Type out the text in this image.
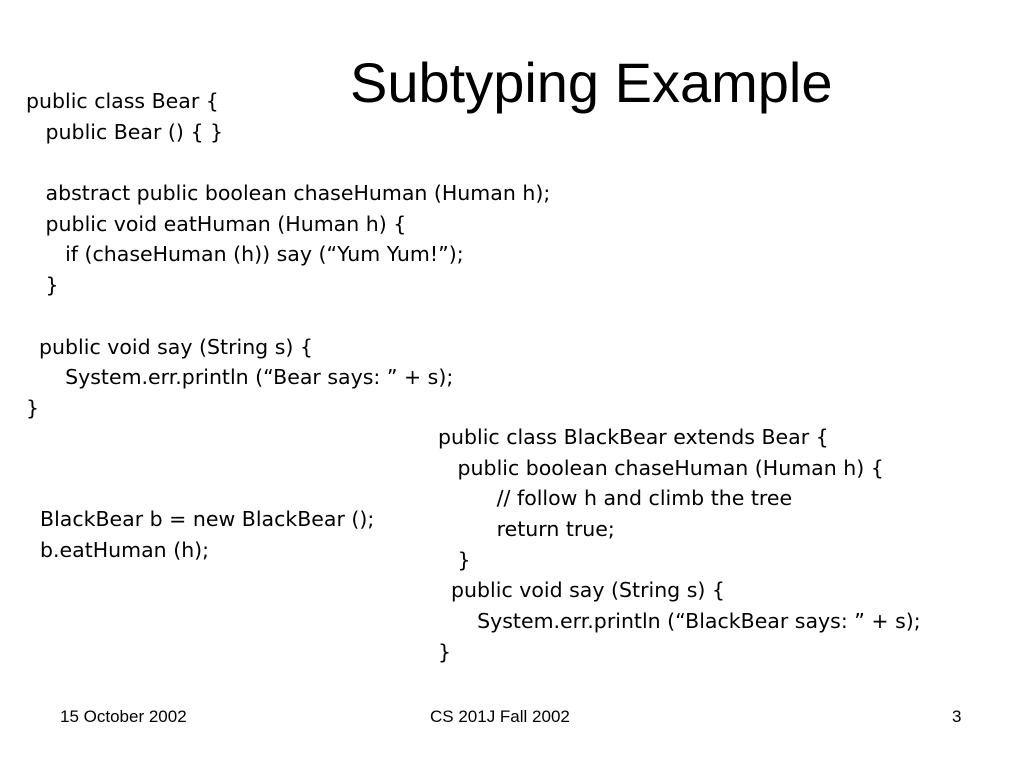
Subtyping Example
public class Bear {
public Bear () { }
abstract public boolean chaseHuman (Human h);
public void eatHuman (Human h) {
if (chaseHuman (h)) say (“Yum Yum!”);
}
public void say (String s) {
System.err.println (“Bear says: ” + s);
}
public class BlackBear extends Bear {
public boolean chaseHuman (Human h) {
// follow h and climb the tree
return true;
}
public void say (String s) {
System.err.println (“BlackBear says: ” + s);
}
BlackBear b = new BlackBear ();
b.eatHuman (h);
15 October 2002	CS 201J Fall 2002	3
